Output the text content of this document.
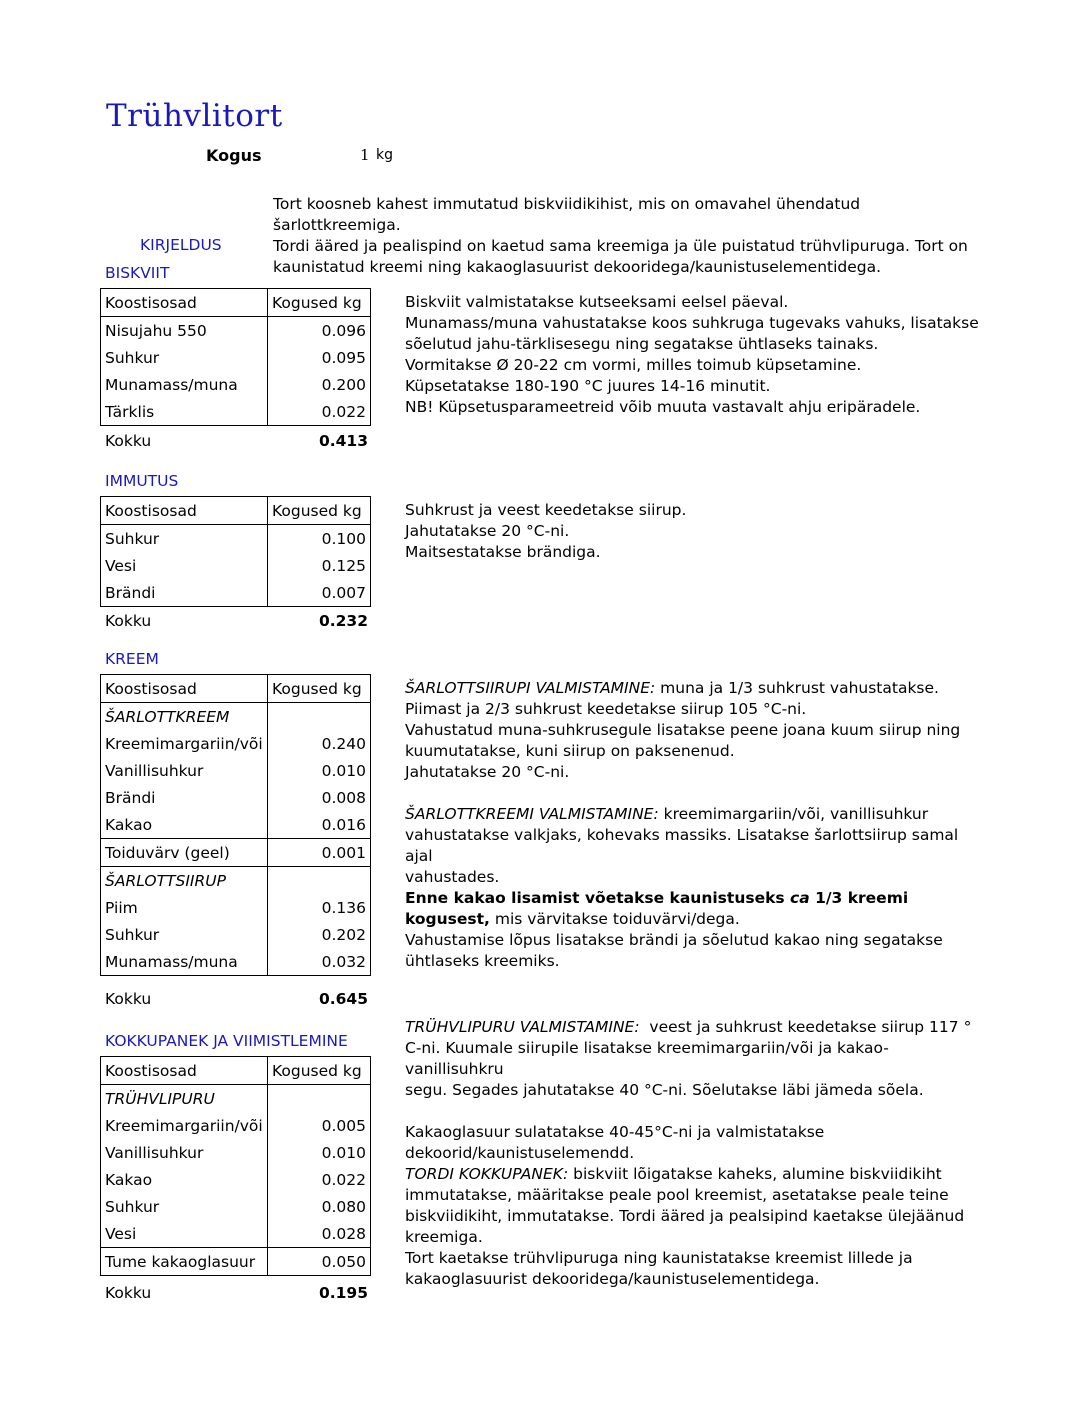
Trühvlitort
Kogus	1 kg
Tort koosneb kahest immutatud biskviidikihist, mis on omavahel ühendatud šarlottkreemiga.
Tordi ääred ja pealispind on kaetud sama kreemiga ja üle puistatud trühvlipuruga. Tort on
kaunistatud kreemi ning kakaoglasuurist dekooridega/kaunistuselementidega.
KIRJELDUS
BISKVIIT
Koostisosad	Kogused kg
Nisujahu 550	0.096
Suhkur	0.095
Munamass/muna	0.200
Tärklis	0.022
Kokku	0.413
Biskviit valmistatakse kutseeksami eelsel päeval.
Munamass/muna vahustatakse koos suhkruga tugevaks vahuks, lisatakse
sõelutud jahu-tärklisesegu ning segatakse ühtlaseks tainaks.
Vormitakse Ø 20-22 cm vormi, milles toimub küpsetamine.
Küpsetatakse 180-190 °C juures 14-16 minutit.
NB! Küpsetusparameetreid võib muuta vastavalt ahju eripäradele.
IMMUTUS
Koostisosad	Kogused kg
Suhkur	0.100
Vesi	0.125
Brändi	0.007
Kokku	0.232
Suhkrust ja veest keedetakse siirup.
Jahutatakse 20 °C-ni.
Maitsestatakse brändiga.
KREEM
Koostisosad	Kogused kg
ŠARLOTTKREEM	
Kreemimargariin/või	0.240
Vanillisuhkur	0.010
Brändi	0.008
Kakao	0.016
Toiduvärv (geel)	0.001
ŠARLOTTSIIRUP	
Piim	0.136
Suhkur	0.202
Munamass/muna	0.032
Kokku	0.645
ŠARLOTTSIIRUPI VALMISTAMINE: muna ja 1/3 suhkrust vahustatakse.
Piimast ja 2/3 suhkrust keedetakse siirup 105 °C-ni.
Vahustatud muna-suhkrusegule lisatakse peene joana kuum siirup ning
kuumutatakse, kuni siirup on paksenenud.
Jahutatakse 20 °C-ni.
ŠARLOTTKREEMI VALMISTAMINE: kreemimargariin/või, vanillisuhkur
vahustatakse valkjaks, kohevaks massiks. Lisatakse šarlottsiirup samal ajal
vahustades.
Enne kakao lisamist võetakse kaunistuseks ca 1/3 kreemi
kogusest, mis värvitakse toiduvärvi/dega.
Vahustamise lõpus lisatakse brändi ja sõelutud kakao ning segatakse
ühtlaseks kreemiks.
KOKKUPANEK JA VIIMISTLEMINE
Koostisosad	Kogused kg
TRÜHVLIPURU	
Kreemimargariin/või	0.005
Vanillisuhkur	0.010
Kakao	0.022
Suhkur	0.080
Vesi	0.028
Tume kakaoglasuur	0.050
Kokku	0.195
TRÜHVLIPURU VALMISTAMINE:  veest ja suhkrust keedetakse siirup 117 °
C-ni. Kuumale siirupile lisatakse kreemimargariin/või ja kakao-vanillisuhkru
segu. Segades jahutatakse 40 °C-ni. Sõelutakse läbi jämeda sõela.
Kakaoglasuur sulatatakse 40-45°C-ni ja valmistatakse
dekoorid/kaunistuselemendd.
TORDI KOKKUPANEK: biskviit lõigatakse kaheks, alumine biskviidikiht
immutatakse, määritakse peale pool kreemist, asetatakse peale teine
biskviidikiht, immutatakse. Tordi ääred ja pealsipind kaetakse ülejäänud
kreemiga.
Tort kaetakse trühvlipuruga ning kaunistatakse kreemist lillede ja
kakaoglasuurist dekooridega/kaunistuselementidega.
